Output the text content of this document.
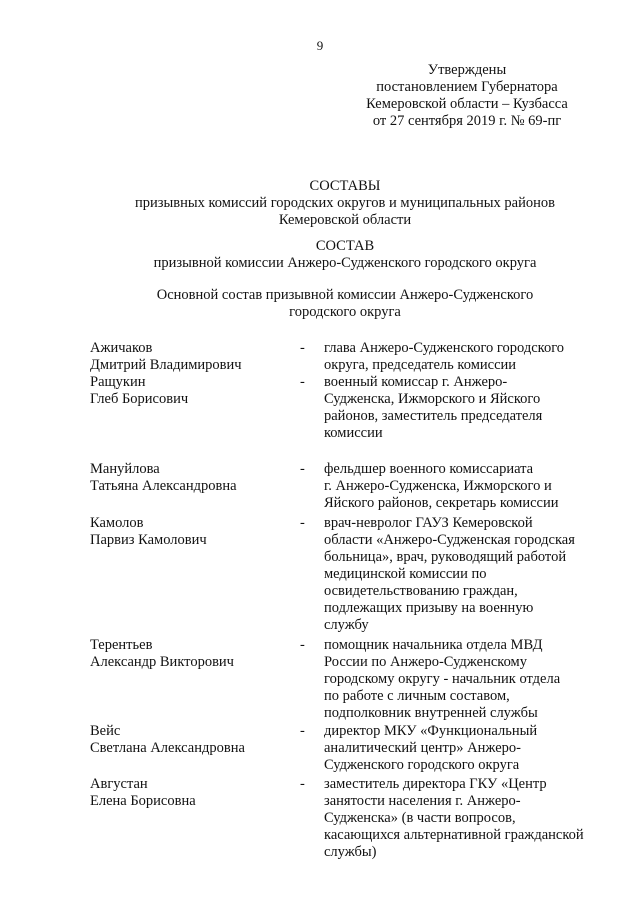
9
Утверждены
постановлением Губернатора
Кемеровской области – Кузбасса
от 27 сентября 2019 г. № 69-пг
СОСТАВЫ
призывных комиссий городских округов и муниципальных районов
Кемеровской области
СОСТАВ
призывной комиссии Анжеро-Судженского городского округа
Основной состав призывной комиссии Анжеро-Судженского
городского округа
Ажичаков
Дмитрий Владимирович
-	глава Анжеро-Судженского городского
округа, председатель комиссии
Ращукин
Глеб Борисович
-	военный комиссар г. Анжеро-
Судженска, Ижморского и Яйского
районов, заместитель председателя
комиссии
Мануйлова
Татьяна Александровна
-	фельдшер военного комиссариата
г. Анжеро-Судженска, Ижморского и
Яйского районов, секретарь комиссии
Камолов
Парвиз Камолович
-	врач-невролог ГАУЗ Кемеровской
области «Анжеро-Судженская городская
больница», врач, руководящий работой
медицинской комиссии по
освидетельствованию граждан,
подлежащих призыву на военную
службу
Терентьев
Александр Викторович
-	помощник начальника отдела МВД
России по Анжеро-Судженскому
городскому округу - начальник отдела
по работе с личным составом,
подполковник внутренней службы
Вейс
Светлана Александровна
-	директор МКУ «Функциональный
аналитический центр» Анжеро-
Судженского городского округа
Августан
Елена Борисовна
-	заместитель директора ГКУ «Центр
занятости населения г. Анжеро-
Судженска» (в части вопросов,
касающихся альтернативной гражданской
службы)
